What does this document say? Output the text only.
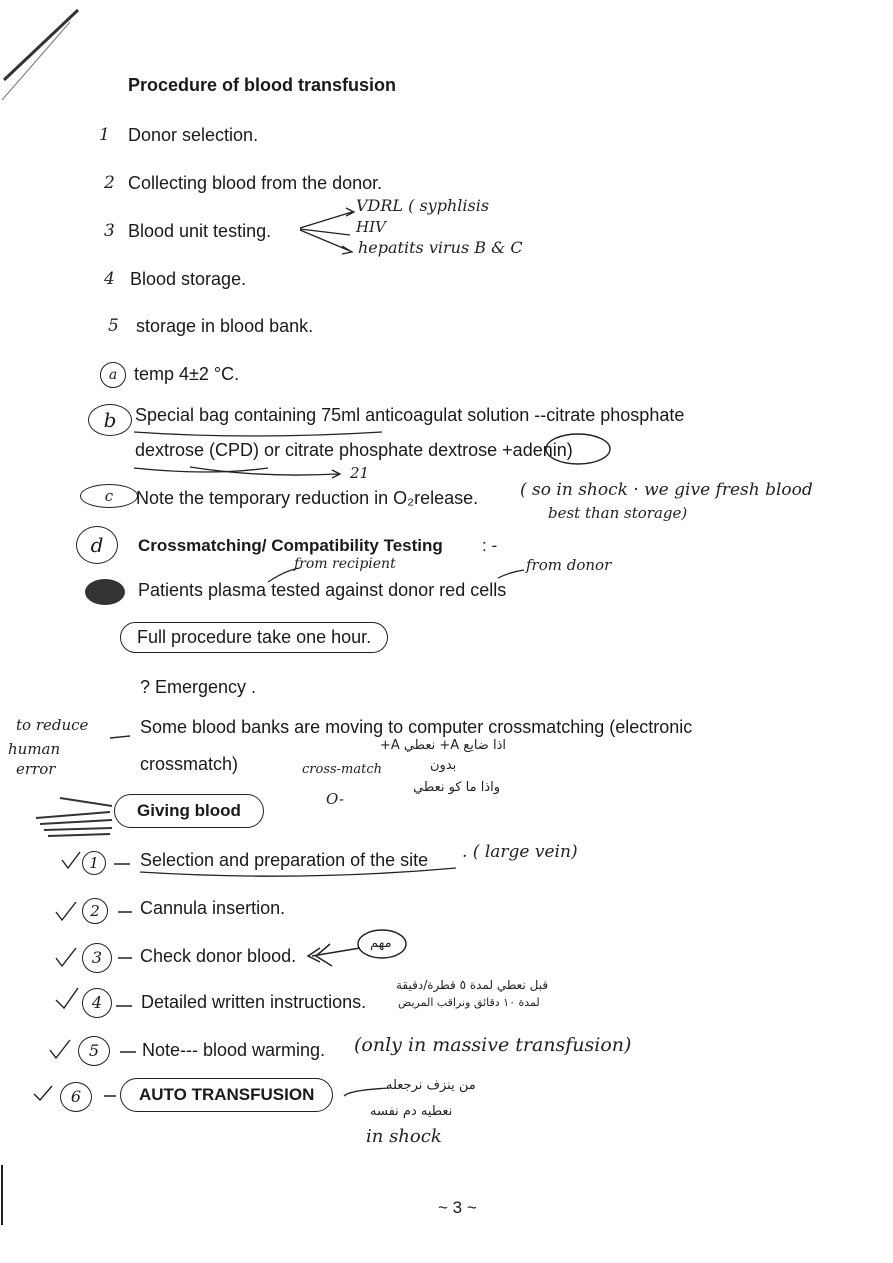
Procedure of blood transfusion
1 Donor selection.
2 Collecting blood from the donor.
3 Blood unit testing.
VDRL ( syphlisis
HIV
hepatits virus B & C
4 Blood storage.
5 storage in blood bank.
a temp 4±2 °C.
b	Special bag containing 75ml anticoagulat solution --citrate phosphate
dextrose (CPD) or citrate phosphate dextrose +adenin)
21
c	Note the temporary reduction in O₂release. ( so in shock · we give fresh blood
best than storage)
d	Crossmatching/ Compatibility Testing : -
from recipient	from donor
Patients plasma tested against donor red cells
Full procedure take one hour.
? Emergency .
to reduce
human
error
Some blood banks are moving to computer crossmatching (electronic
crossmatch)
اذا ضايع A+ نعطي A+
بدون
cross-match
واذا ما كو نعطي
O-
Giving blood
1	Selection and preparation of the site . ( large vein)
2	Cannula insertion.
3	Check donor blood.
مهم
4	Detailed written instructions.
قبل نعطي لمدة ٥ قطرة/دقيقة
لمدة ١٠ دقائق ونراقب المريض
5	Note--- blood warming. (only in massive transfusion)
6	AUTO TRANSFUSION	من ينزف نرجعله
نعطيه دم نفسه
in shock
~ 3 ~
